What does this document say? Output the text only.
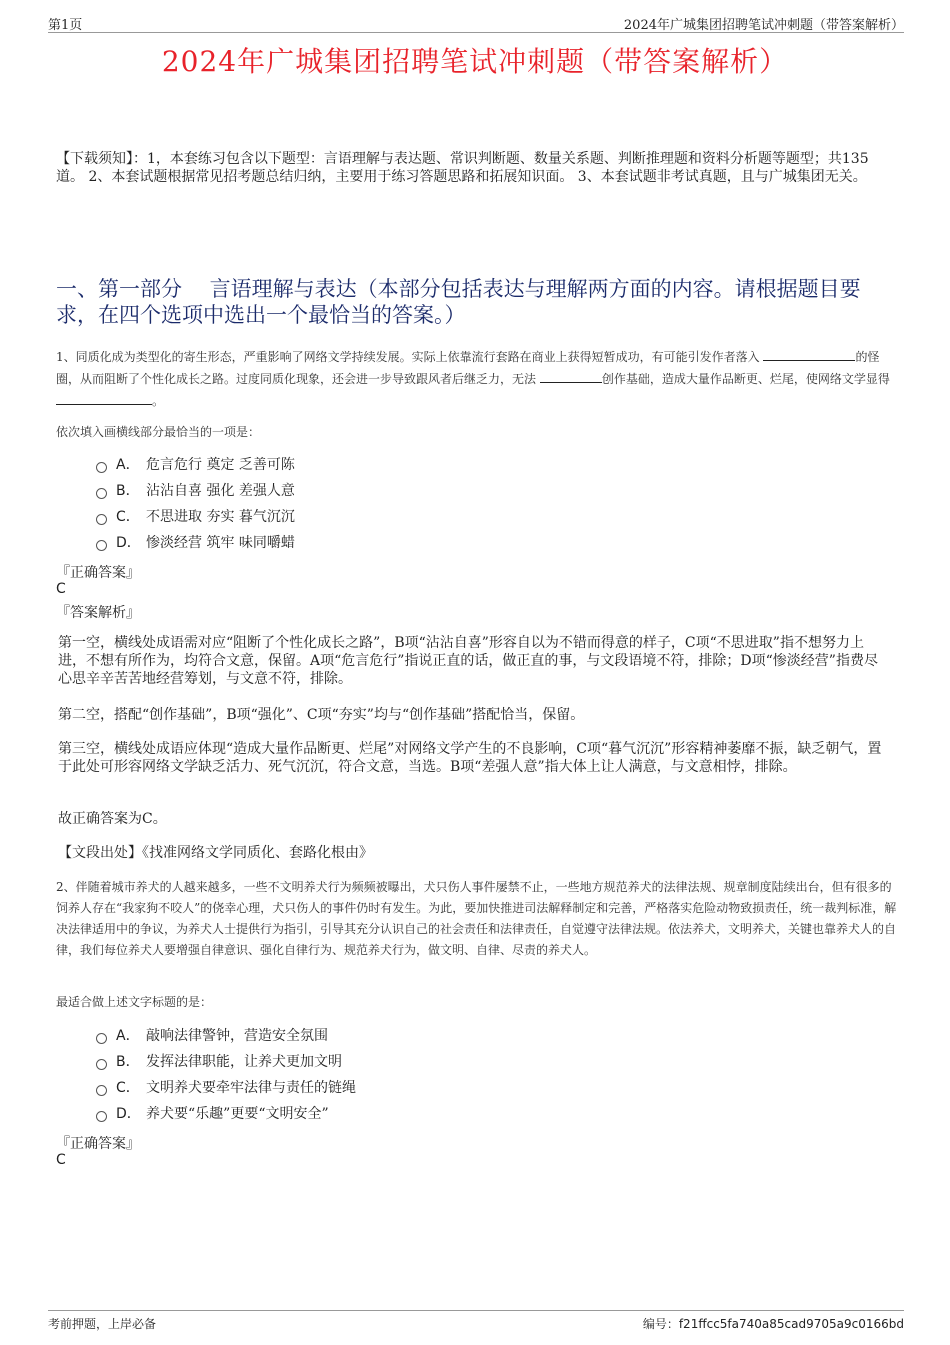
第1页	2024年广城集团招聘笔试冲刺题（带答案解析）
2024年广城集团招聘笔试冲刺题（带答案解析）
【下载须知】：1，本套练习包含以下题型：言语理解与表达题、常识判断题、数量关系题、判断推理题和资料分析题等题型；共135道。 2、本套试题根据常见招考题总结归纳，主要用于练习答题思路和拓展知识面。 3、本套试题非考试真题，且与广城集团无关。
一、第一部分　 言语理解与表达（本部分包括表达与理解两方面的内容。请根据题目要求，在四个选项中选出一个最恰当的答案。）
1、同质化成为类型化的寄生形态，严重影响了网络文学持续发展。实际上依靠流行套路在商业上获得短暂成功，有可能引发作者落入	的怪圈，从而阻断了个性化成长之路。过度同质化现象，还会进一步导致跟风者后继乏力，无法	创作基础，造成大量作品断更、烂尾，使网络文学显得 。
依次填入画横线部分最恰当的一项是：
A． 危言危行 奠定 乏善可陈
B． 沾沾自喜 强化 差强人意
C． 不思进取 夯实 暮气沉沉
D． 惨淡经营 筑牢 味同嚼蜡
『正确答案』
C
『答案解析』
第一空，横线处成语需对应“阻断了个性化成长之路”，B项“沾沾自喜”形容自以为不错而得意的样子，C项“不思进取”指不想努力上进，不想有所作为，均符合文意，保留。A项“危言危行”指说正直的话，做正直的事，与文段语境不符，排除；D项“惨淡经营”指费尽心思辛辛苦苦地经营筹划，与文意不符，排除。
第二空，搭配“创作基础”，B项“强化”、C项“夯实”均与“创作基础”搭配恰当，保留。
第三空，横线处成语应体现“造成大量作品断更、烂尾”对网络文学产生的不良影响，C项“暮气沉沉”形容精神萎靡不振，缺乏朝气，置于此处可形容网络文学缺乏活力、死气沉沉，符合文意，当选。B项“差强人意”指大体上让人满意，与文意相悖，排除。
故正确答案为C。
【文段出处】《找准网络文学同质化、套路化根由》
2、伴随着城市养犬的人越来越多，一些不文明养犬行为频频被曝出，犬只伤人事件屡禁不止，一些地方规范养犬的法律法规、规章制度陆续出台，但有很多的饲养人存在“我家狗不咬人”的侥幸心理，犬只伤人的事件仍时有发生。为此，要加快推进司法解释制定和完善，严格落实危险动物致损责任，统一裁判标准，解决法律适用中的争议，为养犬人士提供行为指引，引导其充分认识自己的社会责任和法律责任，自觉遵守法律法规。依法养犬，文明养犬，关键也靠养犬人的自律，我们每位养犬人要增强自律意识、强化自律行为、规范养犬行为，做文明、自律、尽责的养犬人。
最适合做上述文字标题的是：
A． 敲响法律警钟，营造安全氛围
B． 发挥法律职能，让养犬更加文明
C． 文明养犬要牵牢法律与责任的链绳
D． 养犬要“乐趣”更要“文明安全”
『正确答案』
C
考前押题，上岸必备	编号：f21ffcc5fa740a85cad9705a9c0166bd
